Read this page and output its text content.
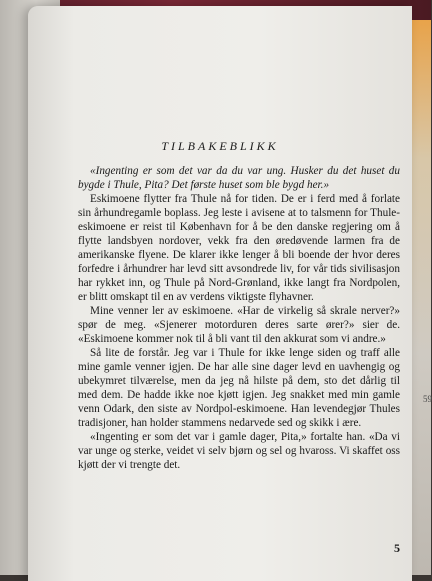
59
TILBAKEBLIKK

«Ingenting er som det var da du var ung. Husker du det huset du bygde i Thule, Pita? Det første huset som ble bygd her.»

Eskimoene flytter fra Thule nå for tiden. De er i ferd med å forlate sin århundregamle boplass. Jeg leste i avisene at to talsmenn for Thule-eskimoene er reist til København for å be den danske regjering om å flytte landsbyen nordover, vekk fra den øredøvende larmen fra de amerikanske flyene. De klarer ikke lenger å bli boende der hvor deres forfedre i århundrer har levd sitt avsondrede liv, for vår tids sivilisasjon har rykket inn, og Thule på Nord-Grønland, ikke langt fra Nordpolen, er blitt omskapt til en av verdens viktigste flyhavner.

Mine venner ler av eskimoene. «Har de virkelig så skrale nerver?» spør de meg. «Sjenerer motorduren deres sarte ører?» sier de. «Eskimoene kommer nok til å bli vant til den akkurat som vi andre.»

Så lite de forstår. Jeg var i Thule for ikke lenge siden og traff alle mine gamle venner igjen. De har alle sine dager levd en uavhengig og ubekymret tilværelse, men da jeg nå hilste på dem, sto det dårlig til med dem. De hadde ikke noe kjøtt igjen. Jeg snakket med min gamle venn Odark, den siste av Nordpol-eskimoene. Han levendegjør Thules tradisjoner, han holder stammens nedarvede sed og skikk i ære.

«Ingenting er som det var i gamle dager, Pita,» fortalte han. «Da vi var unge og sterke, veidet vi selv bjørn og sel og hvaross. Vi skaffet oss kjøtt der vi trengte det.

5
